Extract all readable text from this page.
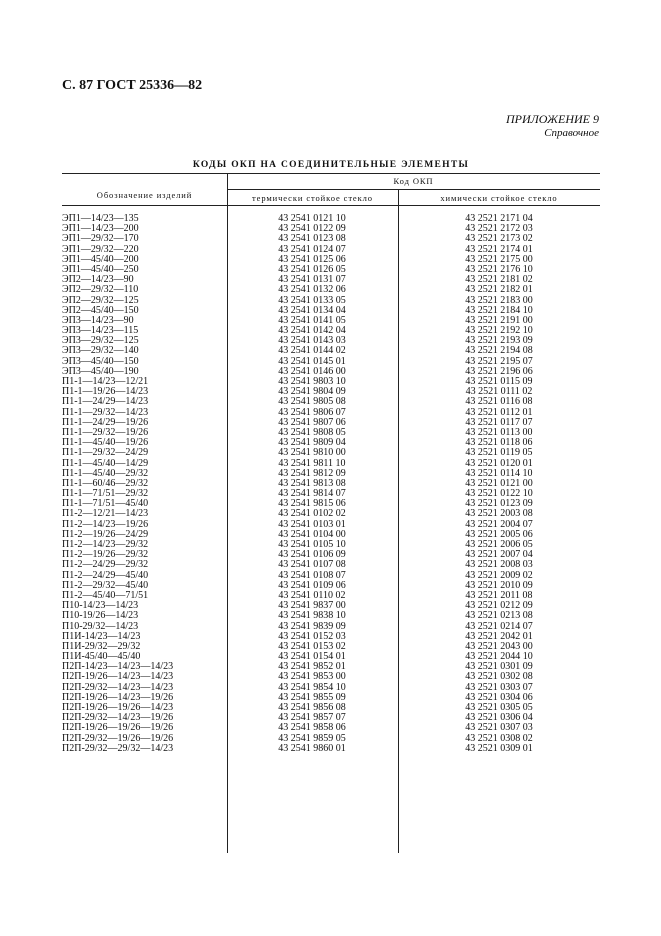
С. 87 ГОСТ 25336—82
ПРИЛОЖЕНИЕ 9
Справочное
КОДЫ ОКП НА СОЕДИНИТЕЛЬНЫЕ ЭЛЕМЕНТЫ
Обозначение изделий
Код ОКП
термически стойкое стекло	химически стойкое стекло
ЭП1—14/23—135	43 2541 0121 10	43 2521 2171 04
ЭП1—14/23—200	43 2541 0122 09	43 2521 2172 03
ЭП1—29/32—170	43 2541 0123 08	43 2521 2173 02
ЭП1—29/32—220	43 2541 0124 07	43 2521 2174 01
ЭП1—45/40—200	43 2541 0125 06	43 2521 2175 00
ЭП1—45/40—250	43 2541 0126 05	43 2521 2176 10
ЭП2—14/23—90	43 2541 0131 07	43 2521 2181 02
ЭП2—29/32—110	43 2541 0132 06	43 2521 2182 01
ЭП2—29/32—125	43 2541 0133 05	43 2521 2183 00
ЭП2—45/40—150	43 2541 0134 04	43 2521 2184 10
ЭП3—14/23—90	43 2541 0141 05	43 2521 2191 00
ЭП3—14/23—115	43 2541 0142 04	43 2521 2192 10
ЭП3—29/32—125	43 2541 0143 03	43 2521 2193 09
ЭП3—29/32—140	43 2541 0144 02	43 2521 2194 08
ЭП3—45/40—150	43 2541 0145 01	43 2521 2195 07
ЭП3—45/40—190	43 2541 0146 00	43 2521 2196 06
П1-1—14/23—12/21	43 2541 9803 10	43 2521 0115 09
П1-1—19/26—14/23	43 2541 9804 09	43 2521 0111 02
П1-1—24/29—14/23	43 2541 9805 08	43 2521 0116 08
П1-1—29/32—14/23	43 2541 9806 07	43 2521 0112 01
П1-1—24/29—19/26	43 2541 9807 06	43 2521 0117 07
П1-1—29/32—19/26	43 2541 9808 05	43 2521 0113 00
П1-1—45/40—19/26	43 2541 9809 04	43 2521 0118 06
П1-1—29/32—24/29	43 2541 9810 00	43 2521 0119 05
П1-1—45/40—14/29	43 2541 9811 10	43 2521 0120 01
П1-1—45/40—29/32	43 2541 9812 09	43 2521 0114 10
П1-1—60/46—29/32	43 2541 9813 08	43 2521 0121 00
П1-1—71/51—29/32	43 2541 9814 07	43 2521 0122 10
П1-1—71/51—45/40	43 2541 9815 06	43 2521 0123 09
П1-2—12/21—14/23	43 2541 0102 02	43 2521 2003 08
П1-2—14/23—19/26	43 2541 0103 01	43 2521 2004 07
П1-2—19/26—24/29	43 2541 0104 00	43 2521 2005 06
П1-2—14/23—29/32	43 2541 0105 10	43 2521 2006 05
П1-2—19/26—29/32	43 2541 0106 09	43 2521 2007 04
П1-2—24/29—29/32	43 2541 0107 08	43 2521 2008 03
П1-2—24/29—45/40	43 2541 0108 07	43 2521 2009 02
П1-2—29/32—45/40	43 2541 0109 06	43 2521 2010 09
П1-2—45/40—71/51	43 2541 0110 02	43 2521 2011 08
П10-14/23—14/23	43 2541 9837 00	43 2521 0212 09
П10-19/26—14/23	43 2541 9838 10	43 2521 0213 08
П10-29/32—14/23	43 2541 9839 09	43 2521 0214 07
П1И-14/23—14/23	43 2541 0152 03	43 2521 2042 01
П1И-29/32—29/32	43 2541 0153 02	43 2521 2043 00
П1И-45/40—45/40	43 2541 0154 01	43 2521 2044 10
П2П-14/23—14/23—14/23	43 2541 9852 01	43 2521 0301 09
П2П-19/26—14/23—14/23	43 2541 9853 00	43 2521 0302 08
П2П-29/32—14/23—14/23	43 2541 9854 10	43 2521 0303 07
П2П-19/26—14/23—19/26	43 2541 9855 09	43 2521 0304 06
П2П-19/26—19/26—14/23	43 2541 9856 08	43 2521 0305 05
П2П-29/32—14/23—19/26	43 2541 9857 07	43 2521 0306 04
П2П-19/26—19/26—19/26	43 2541 9858 06	43 2521 0307 03
П2П-29/32—19/26—19/26	43 2541 9859 05	43 2521 0308 02
П2П-29/32—29/32—14/23	43 2541 9860 01	43 2521 0309 01
